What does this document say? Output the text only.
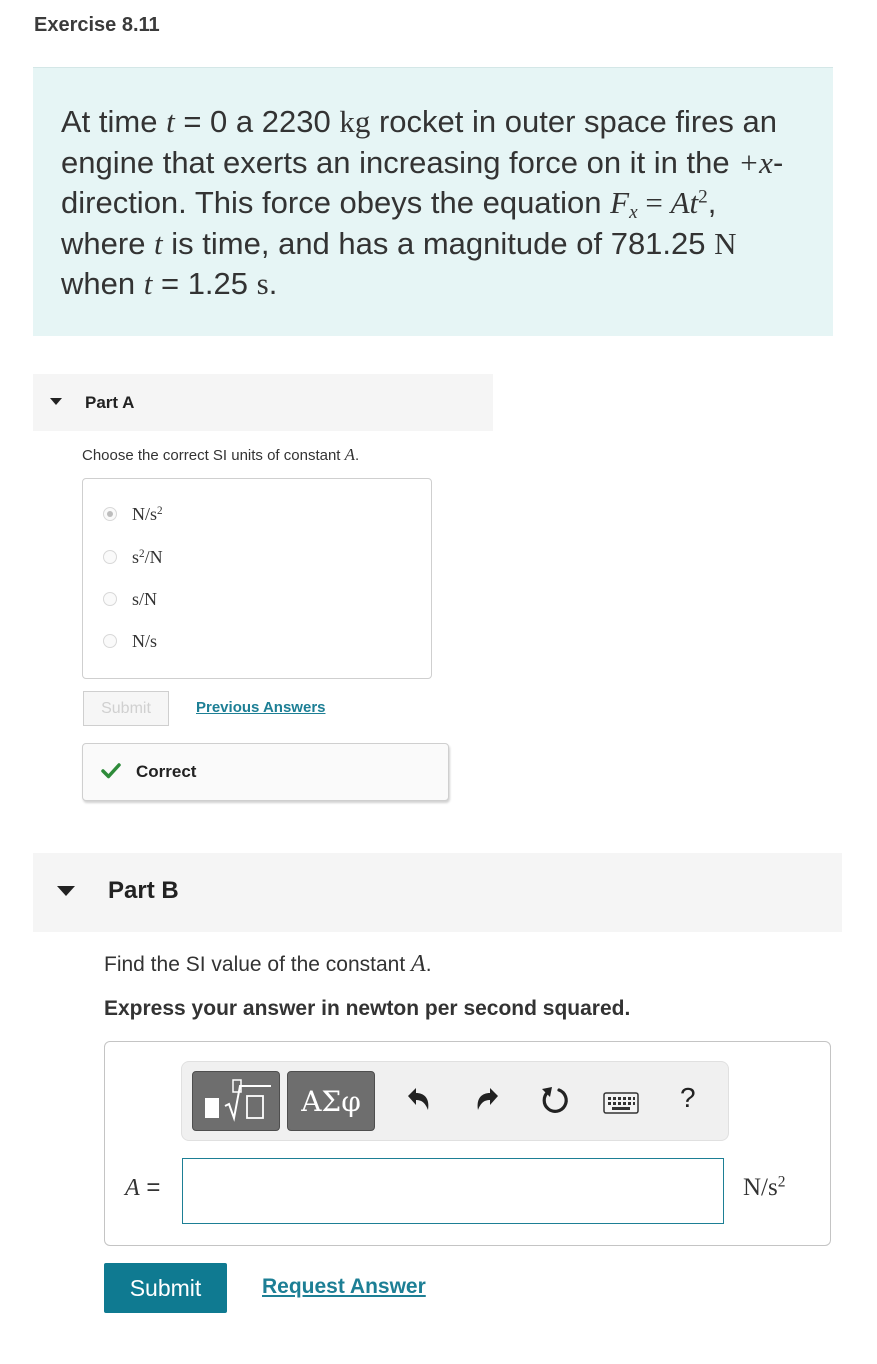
Exercise 8.11
At time t = 0 a 2230 kg rocket in outer space fires an engine that exerts an increasing force on it in the +x-direction. This force obeys the equation $F_x = At^2$, where t is time, and has a magnitude of 781.25 N when t = 1.25 s.
Part A
Choose the correct SI units of constant A.
$N/s^2$
$s^2/N$
s/N
N/s
Submit	Previous Answers
Correct
Part B
Find the SI value of the constant A.
Express your answer in newton per second squared.
ΑΣφ	?
A =	$N/s^2$
Submit	Request Answer
